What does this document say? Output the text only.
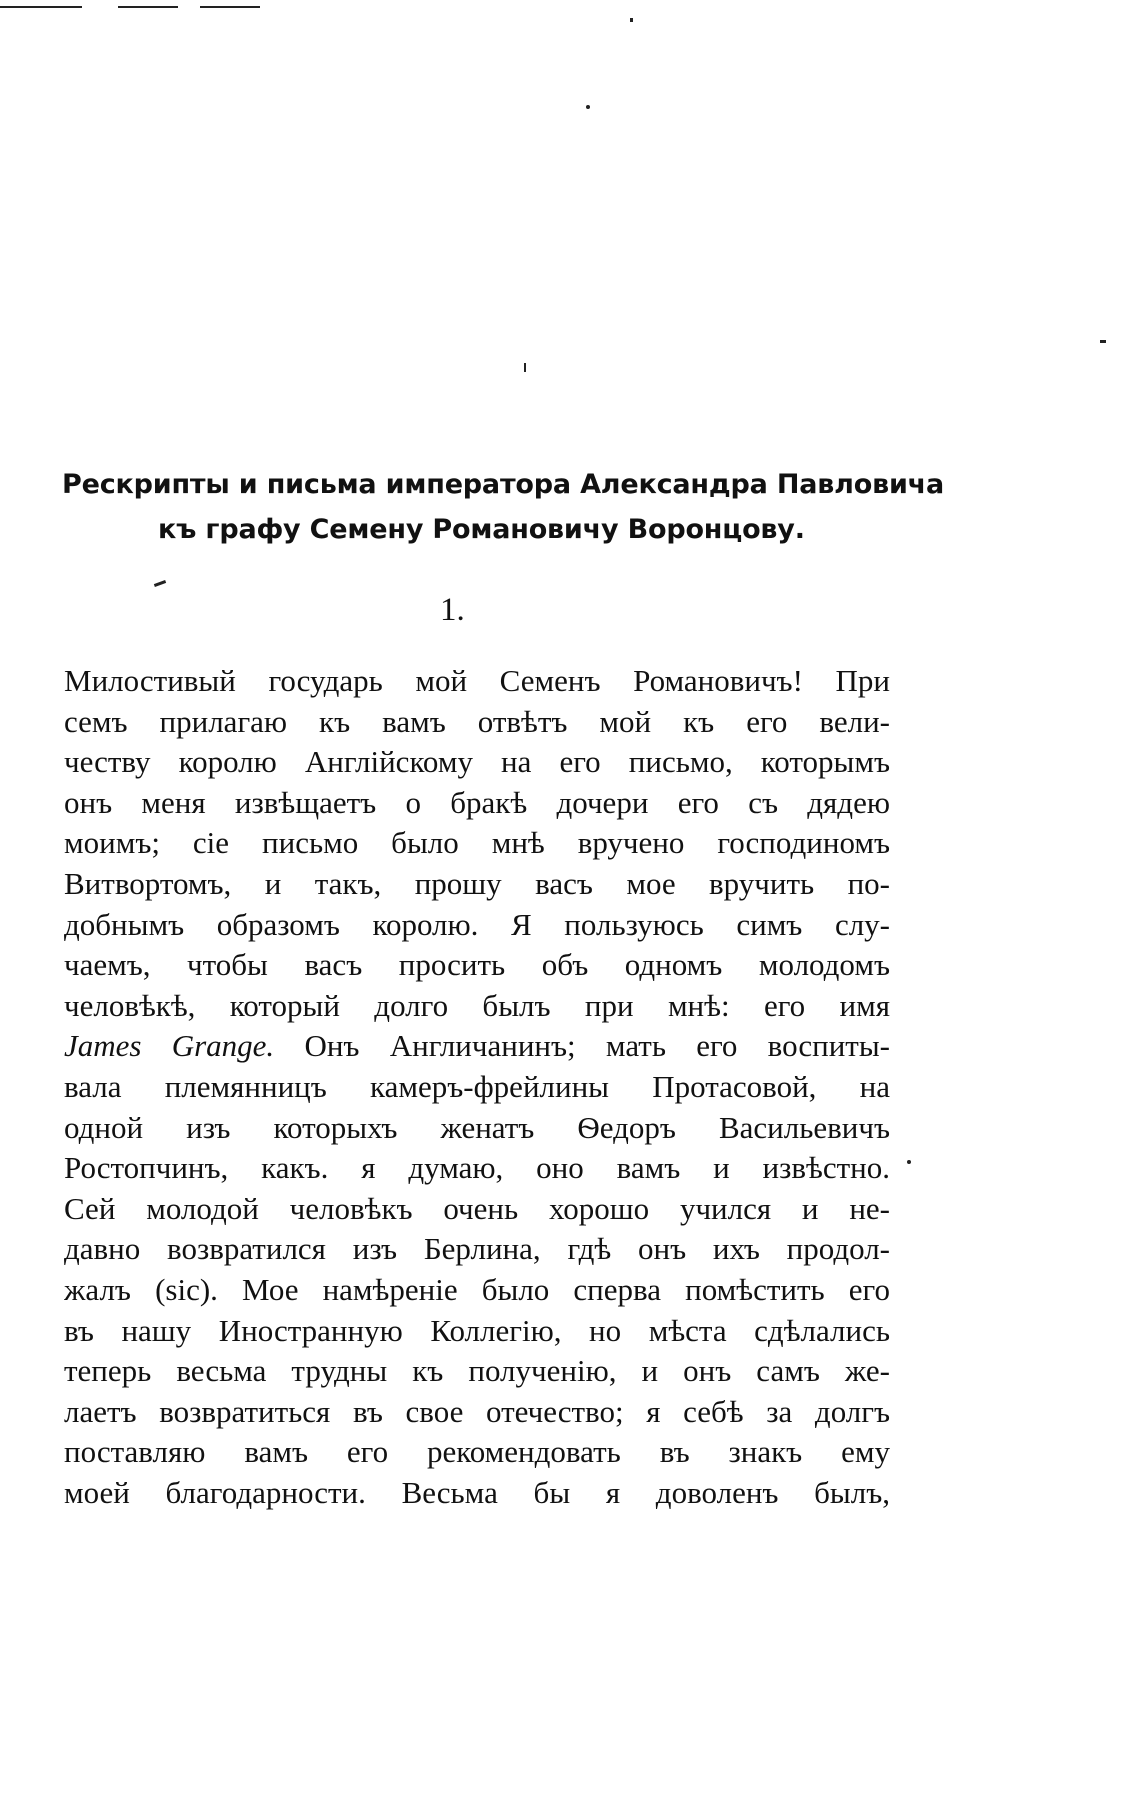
Рескрипты и письма императора Александра Павловича
къ графу Семену Романовичу Воронцову.
1.
Милостивый государь мой Семенъ Романовичъ! При
семъ прилагаю къ вамъ отвѣтъ мой къ его вели-
честву королю Англійскому на его письмо, которымъ
онъ меня извѣщаетъ о бракѣ дочери его съ дядею
моимъ; сіе письмо было мнѣ вручено господиномъ
Витвортомъ, и такъ, прошу васъ мое вручить по-
добнымъ образомъ королю. Я пользуюсь симъ слу-
чаемъ, чтобы васъ просить объ одномъ молодомъ
человѣкѣ, который долго былъ при мнѣ: его имя
James Grange. Онъ Англичанинъ; мать его воспиты-
вала племянницъ камеръ-фрейлины Протасовой, на
одной изъ которыхъ женатъ Ѳедоръ Васильевичъ
Ростопчинъ, какъ. я думаю, оно вамъ и извѣстно.
Сей молодой человѣкъ очень хорошо учился и не-
давно возвратился изъ Берлина, гдѣ онъ ихъ продол-
жалъ (sic). Мое намѣреніе было сперва помѣстить его
въ нашу Иностранную Коллегію, но мѣста сдѣлались
теперь весьма трудны къ полученію, и онъ самъ же-
лаетъ возвратиться въ свое отечество; я себѣ за долгъ
поставляю вамъ его рекомендовать въ знакъ ему
моей благодарности. Весьма бы я доволенъ былъ,
